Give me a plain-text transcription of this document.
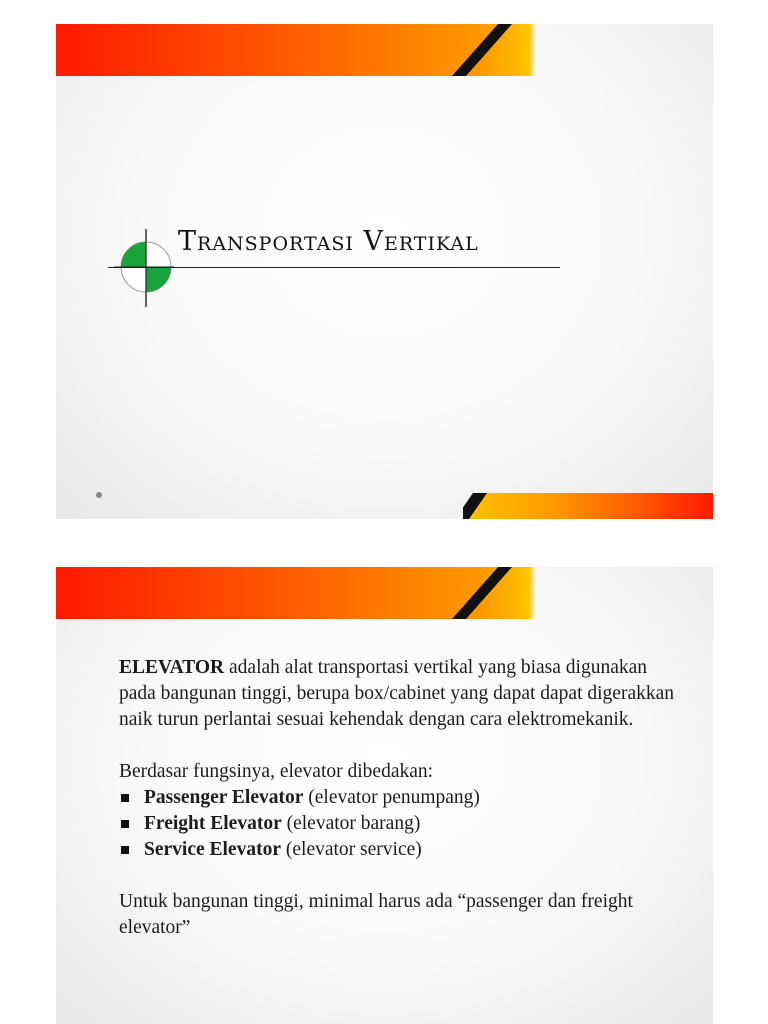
Transportasi Vertikal

ELEVATOR adalah alat transportasi vertikal yang biasa digunakan pada bangunan tinggi, berupa box/cabinet yang dapat dapat digerakkan naik turun perlantai sesuai kehendak dengan cara elektromekanik.

Berdasar fungsinya, elevator dibedakan:

Passenger Elevator (elevator penumpang)
Freight Elevator (elevator barang)
Service Elevator (elevator service)

Untuk bangunan tinggi, minimal harus ada “passenger dan freight elevator”
